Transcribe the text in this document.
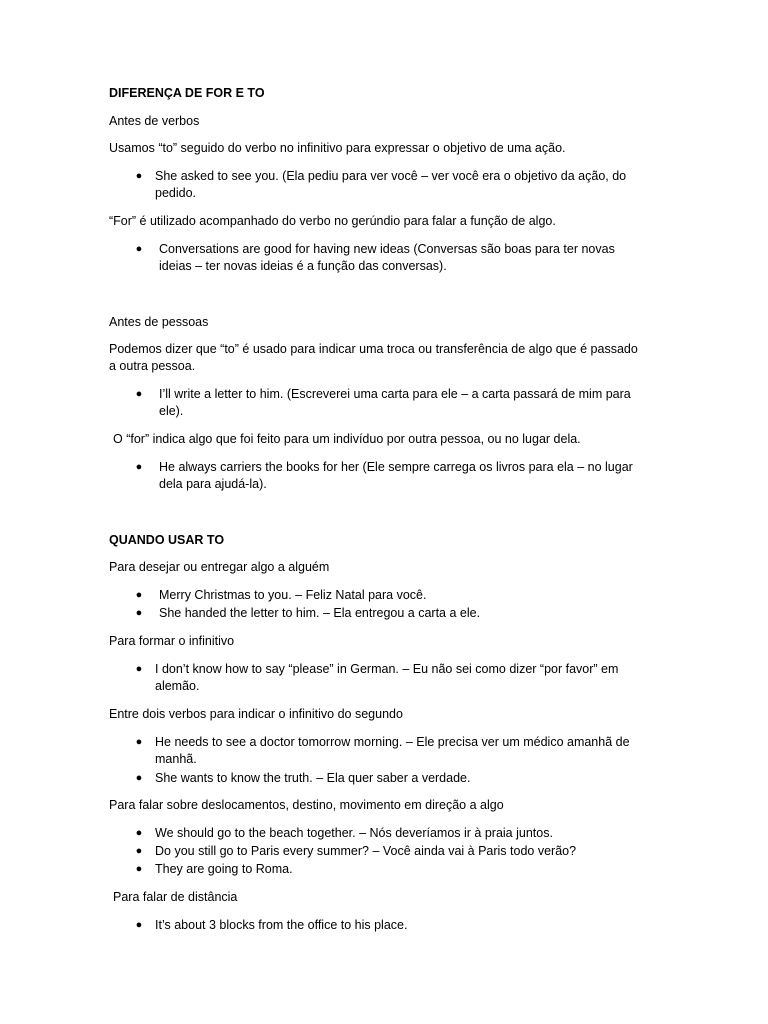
DIFERENÇA DE FOR E TO
Antes de verbos
Usamos “to” seguido do verbo no infinitivo para expressar o objetivo de uma ação.
● She asked to see you. (Ela pediu para ver você – ver você era o objetivo da ação, do
pedido.
“For” é utilizado acompanhado do verbo no gerúndio para falar a função de algo.
● Conversations are good for having new ideas (Conversas são boas para ter novas
ideias – ter novas ideias é a função das conversas).
Antes de pessoas
Podemos dizer que “to” é usado para indicar uma troca ou transferência de algo que é passado
a outra pessoa.
● I’ll write a letter to him. (Escreverei uma carta para ele – a carta passará de mim para
ele).
O “for” indica algo que foi feito para um indivíduo por outra pessoa, ou no lugar dela.
● He always carriers the books for her (Ele sempre carrega os livros para ela – no lugar
dela para ajudá-la).
QUANDO USAR TO
Para desejar ou entregar algo a alguém
● Merry Christmas to you. – Feliz Natal para você.
● She handed the letter to him. – Ela entregou a carta a ele.
Para formar o infinitivo
● I don’t know how to say “please” in German. – Eu não sei como dizer “por favor” em
alemão.
Entre dois verbos para indicar o infinitivo do segundo
● He needs to see a doctor tomorrow morning. – Ele precisa ver um médico amanhã de
manhã.
● She wants to know the truth. – Ela quer saber a verdade.
Para falar sobre deslocamentos, destino, movimento em direção a algo
● We should go to the beach together. – Nós deveríamos ir à praia juntos.
● Do you still go to Paris every summer? – Você ainda vai à Paris todo verão?
● They are going to Roma.
Para falar de distância
● It’s about 3 blocks from the office to his place.
